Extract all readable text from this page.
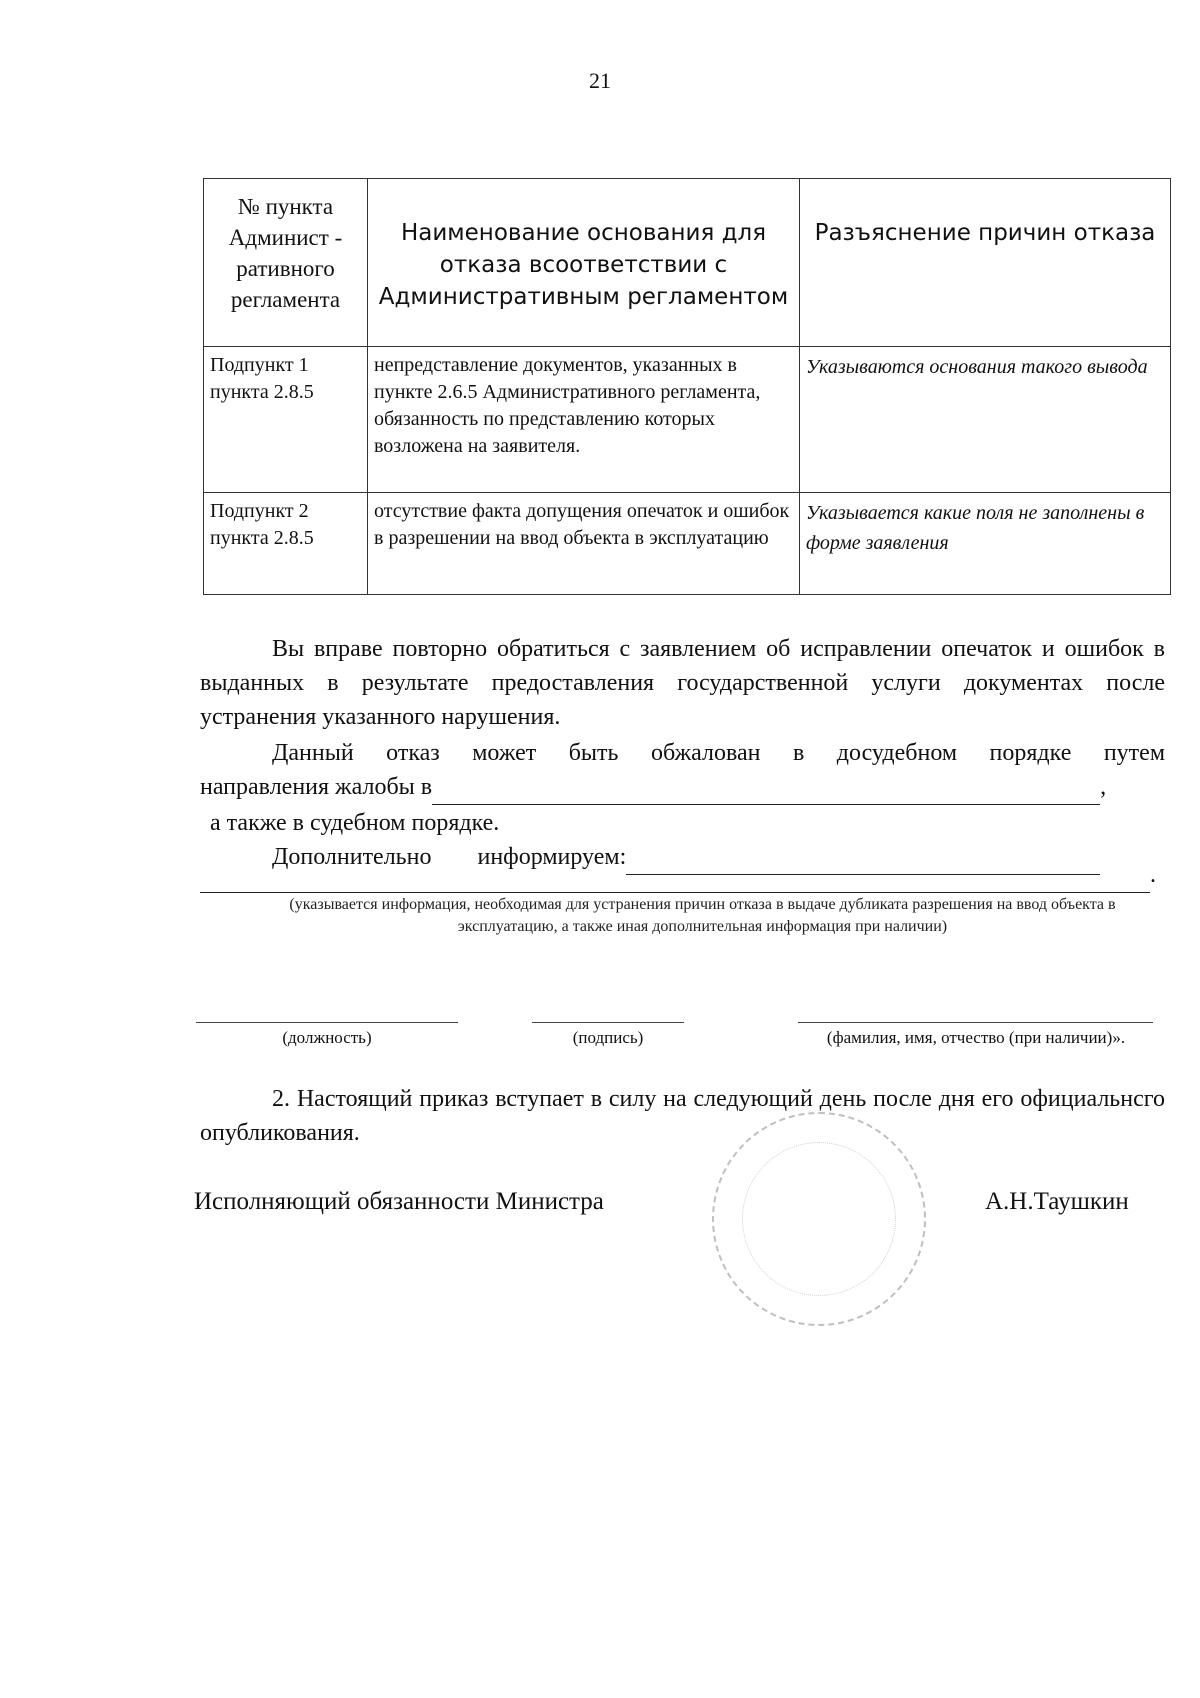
21
№ пункта Админист - ративного регламента	Наименование основания для отказа всоответствии с Административным регламентом	Разъяснение причин отказа
Подпункт 1 пункта 2.8.5	непредставление документов, указанных в пункте 2.6.5 Административного регламента, обязанность по представлению которых возложена на заявителя.	Указываются основания такого вывода
Подпункт 2 пункта 2.8.5	отсутствие факта допущения опечаток и ошибок в разрешении на ввод объекта в эксплуатацию	Указывается какие поля не заполнены в форме заявления
Вы вправе повторно обратиться с заявлением об исправлении опечаток и ошибок в выданных в результате предоставления государственной услуги документах после устранения указанного нарушения.
Данный отказ может быть обжалован в досудебном порядке путем
направления жалобы в	,
а также в судебном порядке.
Дополнительно информируем:
.
(указывается информация, необходимая для устранения причин отказа в выдаче дубликата разрешения на ввод объекта в эксплуатацию, а также иная дополнительная информация при наличии)
(должность)	(подпись)	(фамилия, имя, отчество (при наличии)».
2. Настоящий приказ вступает в силу на следующий день после дня его официальнсго опубликования.
Исполняющий обязанности Министра	А.Н.Таушкин
